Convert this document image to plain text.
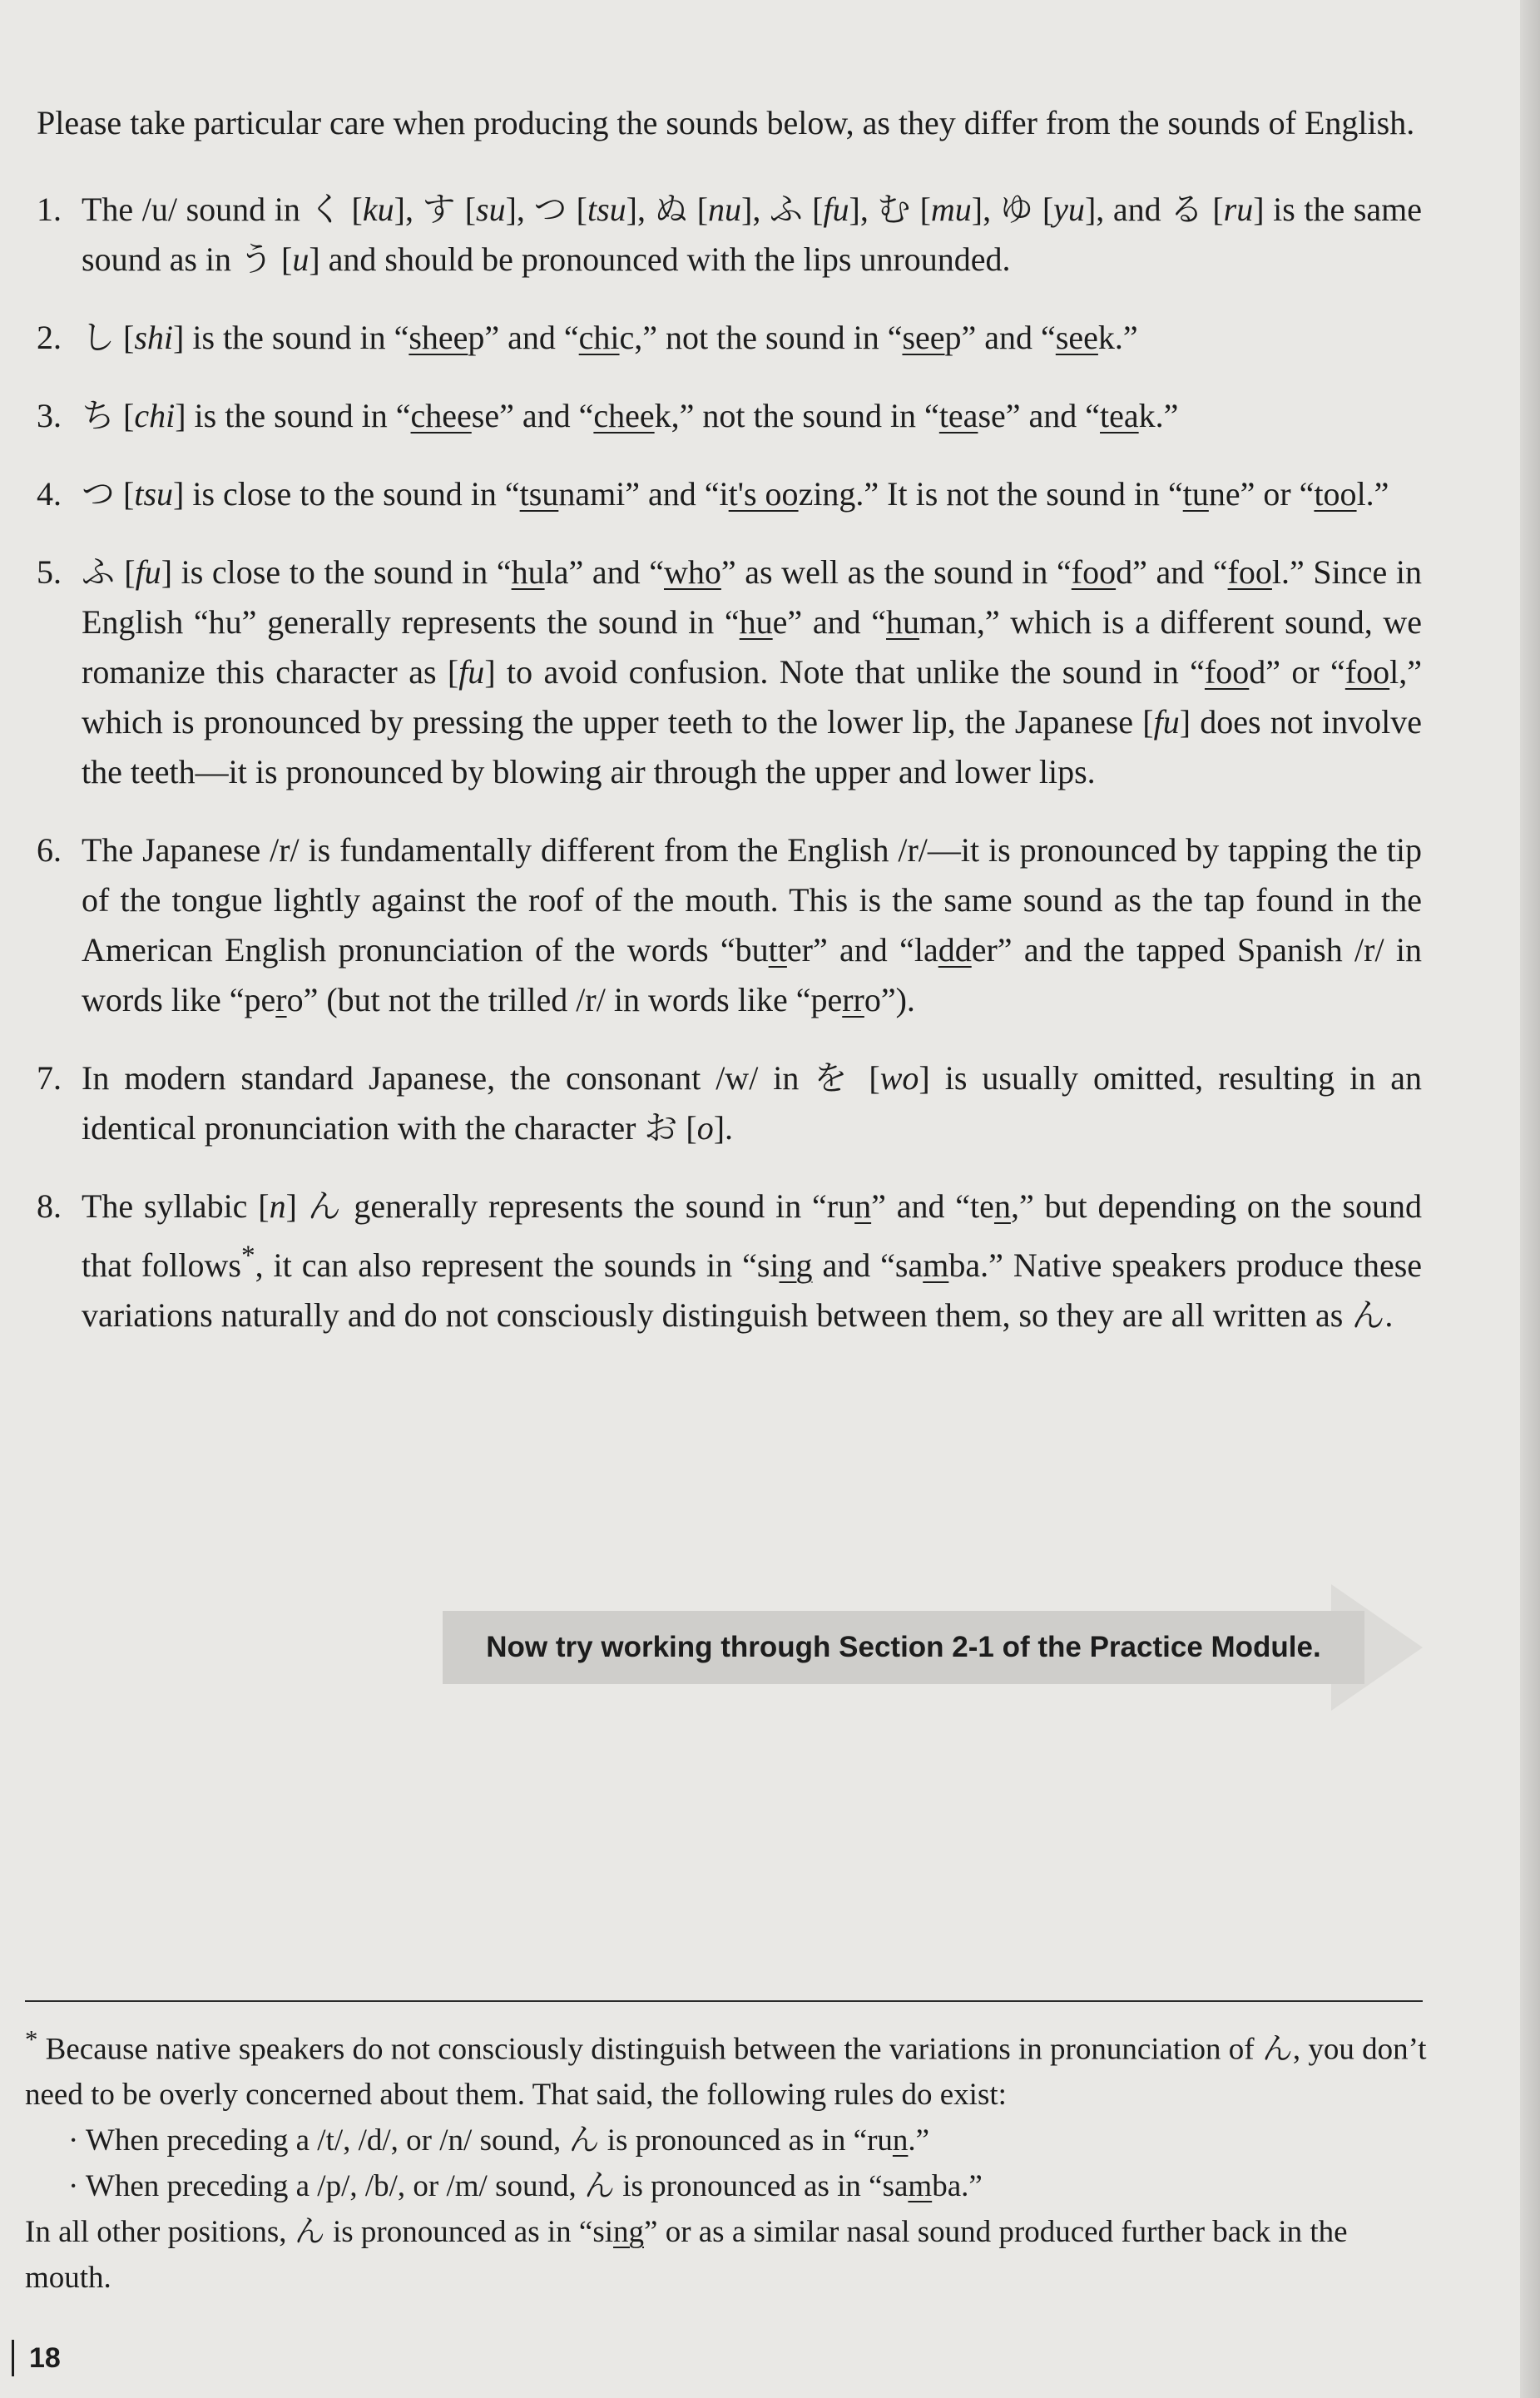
Please take particular care when producing the sounds below, as they differ from the sounds of English.

1. The /u/ sound in く [ku], す [su], つ [tsu], ぬ [nu], ふ [fu], む [mu], ゆ [yu], and る [ru] is the same sound as in う [u] and should be pronounced with the lips unrounded.
2. し [shi] is the sound in “sheep” and “chic,” not the sound in “seep” and “seek.”
3. ち [chi] is the sound in “cheese” and “cheek,” not the sound in “tease” and “teak.”
4. つ [tsu] is close to the sound in “tsunami” and “it's oozing.” It is not the sound in “tune” or “tool.”
5. ふ [fu] is close to the sound in “hula” and “who” as well as the sound in “food” and “fool.” Since in English “hu” generally represents the sound in “hue” and “human,” which is a different sound, we romanize this character as [fu] to avoid confusion. Note that unlike the sound in “food” or “fool,” which is pronounced by pressing the upper teeth to the lower lip, the Japanese [fu] does not involve the teeth—it is pronounced by blowing air through the upper and lower lips.
6. The Japanese /r/ is fundamentally different from the English /r/—it is pronounced by tapping the tip of the tongue lightly against the roof of the mouth. This is the same sound as the tap found in the American English pronunciation of the words “butter” and “ladder” and the tapped Spanish /r/ in words like “pero” (but not the trilled /r/ in words like “perro”).
7. In modern standard Japanese, the consonant /w/ in を [wo] is usually omitted, resulting in an identical pronunciation with the character お [o].
8. The syllabic [n] ん generally represents the sound in “run” and “ten,” but depending on the sound that follows*, it can also represent the sounds in “sing and “samba.” Native speakers produce these variations naturally and do not consciously distinguish between them, so they are all written as ん.
Now try working through Section 2-1 of the Practice Module.

* Because native speakers do not consciously distinguish between the variations in pronunciation of ん, you don’t need to be overly concerned about them. That said, the following rules do exist:

· When preceding a /t/, /d/, or /n/ sound, ん is pronounced as in “run.”

· When preceding a /p/, /b/, or /m/ sound, ん is pronounced as in “samba.”

In all other positions, ん is pronounced as in “sing” or as a similar nasal sound produced further back in the mouth.

18
